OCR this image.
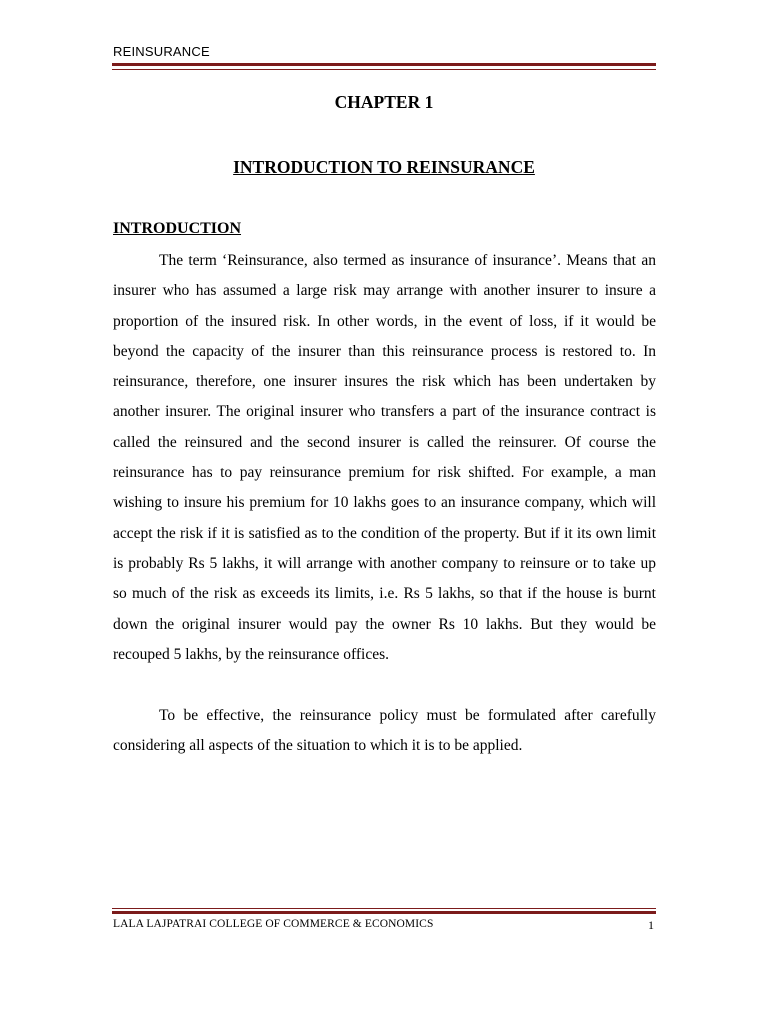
REINSURANCE
CHAPTER 1
INTRODUCTION TO REINSURANCE
INTRODUCTION

The term ‘Reinsurance, also termed as insurance of insurance’. Means that an insurer who has assumed a large risk may arrange with another insurer to insure a proportion of the insured risk. In other words, in the event of loss, if it would be beyond the capacity of the insurer than this reinsurance process is restored to. In reinsurance, therefore, one insurer insures the risk which has been undertaken by another insurer. The original insurer who transfers a part of the insurance contract is called the reinsured and the second insurer is called the reinsurer. Of course the reinsurance has to pay reinsurance premium for risk shifted. For example, a man wishing to insure his premium for 10 lakhs goes to an insurance company, which will accept the risk if it is satisfied as to the condition of the property. But if it its own limit is probably Rs 5 lakhs, it will arrange with another company to reinsure or to take up so much of the risk as exceeds its limits, i.e. Rs 5 lakhs, so that if the house is burnt down the original insurer would pay the owner Rs 10 lakhs. But they would be recouped 5 lakhs, by the reinsurance offices.

To be effective, the reinsurance policy must be formulated after carefully considering all aspects of the situation to which it is to be applied.

LALA LAJPATRAI COLLEGE OF COMMERCE & ECONOMICS	1
